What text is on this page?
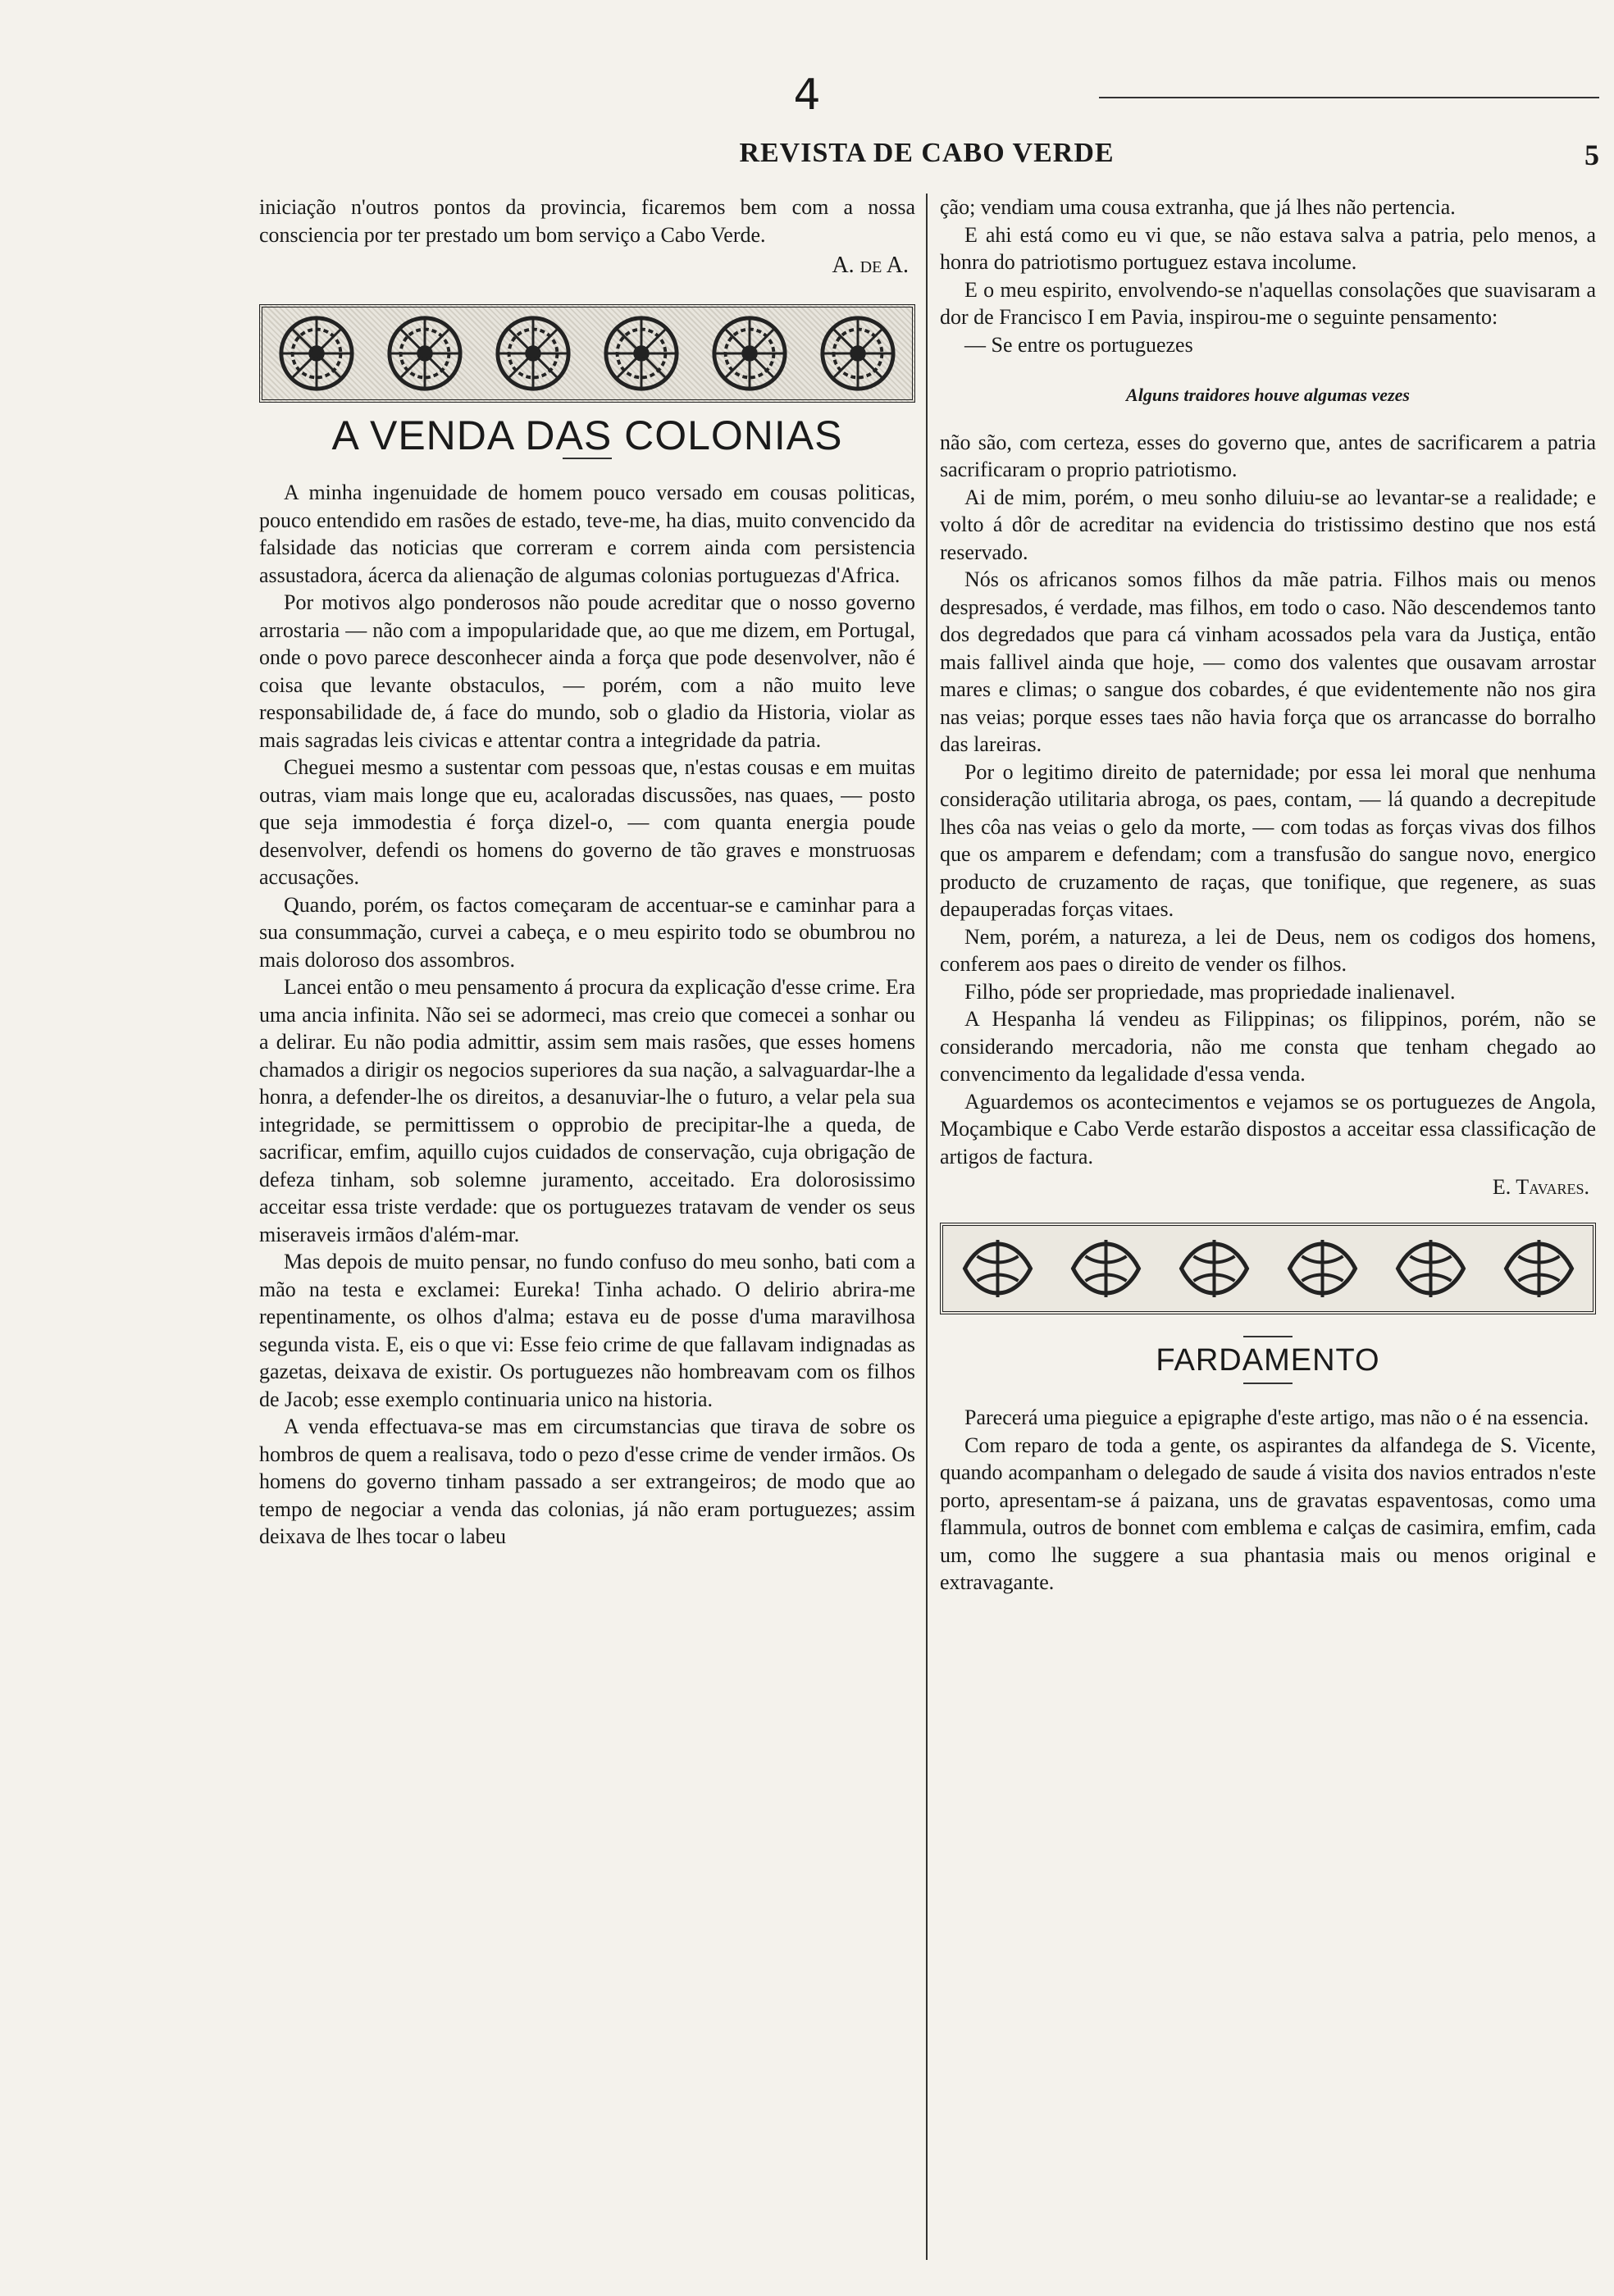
4
REVISTA DE CABO VERDE	5

iniciação n'outros pontos da provincia, ficaremos bem com a nossa consciencia por ter prestado um bom serviço a Cabo Verde.

A. de A.
A VENDA DAS COLONIAS

A minha ingenuidade de homem pouco versado em cousas politicas, pouco entendido em rasões de estado, teve-me, ha dias, muito convencido da falsidade das noticias que correram e correm ainda com persistencia assustadora, ácerca da alienação de algumas colonias portuguezas d'Africa.

Por motivos algo ponderosos não poude acreditar que o nosso governo arrostaria — não com a impopularidade que, ao que me dizem, em Portugal, onde o povo parece desconhecer ainda a força que pode desenvolver, não é coisa que levante obstaculos, — porém, com a não muito leve responsabilidade de, á face do mundo, sob o gladio da Historia, violar as mais sagradas leis civicas e attentar contra a integridade da patria.

Cheguei mesmo a sustentar com pessoas que, n'estas cousas e em muitas outras, viam mais longe que eu, acaloradas discussões, nas quaes, — posto que seja immodestia é força dizel-o, — com quanta energia poude desenvolver, defendi os homens do governo de tão graves e monstruosas accusações.

Quando, porém, os factos começaram de accentuar-se e caminhar para a sua consummação, curvei a cabeça, e o meu espirito todo se obumbrou no mais doloroso dos assombros.

Lancei então o meu pensamento á procura da explicação d'esse crime. Era uma ancia infinita. Não sei se adormeci, mas creio que comecei a sonhar ou a delirar. Eu não podia admittir, assim sem mais rasões, que esses homens chamados a dirigir os negocios superiores da sua nação, a salvaguardar-lhe a honra, a defender-lhe os direitos, a desanuviar-lhe o futuro, a velar pela sua integridade, se permittissem o opprobio de precipitar-lhe a queda, de sacrificar, emfim, aquillo cujos cuidados de conservação, cuja obrigação de defeza tinham, sob solemne juramento, acceitado. Era dolorosissimo acceitar essa triste verdade: que os portuguezes tratavam de vender os seus miseraveis irmãos d'além-mar.

Mas depois de muito pensar, no fundo confuso do meu sonho, bati com a mão na testa e exclamei: Eureka! Tinha achado. O delirio abrira-me repentinamente, os olhos d'alma; estava eu de posse d'uma maravilhosa segunda vista. E, eis o que vi: Esse feio crime de que fallavam indignadas as gazetas, deixava de existir. Os portuguezes não hombreavam com os filhos de Jacob; esse exemplo continuaria unico na historia.

A venda effectuava-se mas em circumstancias que tirava de sobre os hombros de quem a realisava, todo o pezo d'esse crime de vender irmãos. Os homens do governo tinham passado a ser extrangeiros; de modo que ao tempo de negociar a venda das colonias, já não eram portuguezes; assim deixava de lhes tocar o labeu

ção; vendiam uma cousa extranha, que já lhes não pertencia.

E ahi está como eu vi que, se não estava salva a patria, pelo menos, a honra do patriotismo portuguez estava incolume.

E o meu espirito, envolvendo-se n'aquellas consolações que suavisaram a dor de Francisco I em Pavia, inspirou-me o seguinte pensamento:

— Se entre os portuguezes

Alguns traidores houve algumas vezes

não são, com certeza, esses do governo que, antes de sacrificarem a patria sacrificaram o proprio patriotismo.

Ai de mim, porém, o meu sonho diluiu-se ao levantar-se a realidade; e volto á dôr de acreditar na evidencia do tristissimo destino que nos está reservado.

Nós os africanos somos filhos da mãe patria. Filhos mais ou menos despresados, é verdade, mas filhos, em todo o caso. Não descendemos tanto dos degredados que para cá vinham acossados pela vara da Justiça, então mais fallivel ainda que hoje, — como dos valentes que ousavam arrostar mares e climas; o sangue dos cobardes, é que evidentemente não nos gira nas veias; porque esses taes não havia força que os arrancasse do borralho das lareiras.

Por o legitimo direito de paternidade; por essa lei moral que nenhuma consideração utilitaria abroga, os paes, contam, — lá quando a decrepitude lhes côa nas veias o gelo da morte, — com todas as forças vivas dos filhos que os amparem e defendam; com a transfusão do sangue novo, energico producto de cruzamento de raças, que tonifique, que regenere, as suas depauperadas forças vitaes.

Nem, porém, a natureza, a lei de Deus, nem os codigos dos homens, conferem aos paes o direito de vender os filhos.

Filho, póde ser propriedade, mas propriedade inalienavel.

A Hespanha lá vendeu as Filippinas; os filippinos, porém, não se considerando mercadoria, não me consta que tenham chegado ao convencimento da legalidade d'essa venda.

Aguardemos os acontecimentos e vejamos se os portuguezes de Angola, Moçambique e Cabo Verde estarão dispostos a acceitar essa classificação de artigos de factura.

E. Tavares.
FARDAMENTO

Parecerá uma pieguice a epigraphe d'este artigo, mas não o é na essencia.

Com reparo de toda a gente, os aspirantes da alfandega de S. Vicente, quando acompanham o delegado de saude á visita dos navios entrados n'este porto, apresentam-se á paizana, uns de gravatas espaventosas, como uma flammula, outros de bonnet com emblema e calças de casimira, emfim, cada um, como lhe suggere a sua phantasia mais ou menos original e extravagante.
